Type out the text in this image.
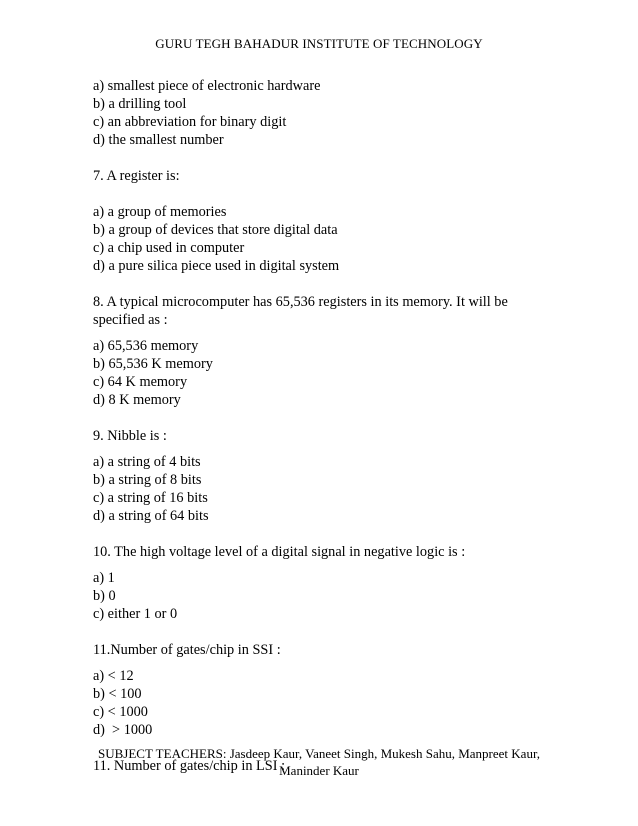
GURU TEGH BAHADUR INSTITUTE OF TECHNOLOGY
a) smallest piece of electronic hardware
b) a drilling tool
c) an abbreviation for binary digit
d) the smallest number
7. A register is:
a) a group of memories
b) a group of devices that store digital data
c) a chip used in computer
d) a pure silica piece used in digital system
8. A typical microcomputer has 65,536 registers in its memory. It will be
specified as :
a) 65,536 memory
b) 65,536 K memory
c) 64 K memory
d) 8 K memory
9. Nibble is :
a) a string of 4 bits
b) a string of 8 bits
c) a string of 16 bits
d) a string of 64 bits
10. The high voltage level of a digital signal in negative logic is :
a) 1
b) 0
c) either 1 or 0
11.Number of gates/chip in SSI :
a) < 12
b) < 100
c) < 1000
d)  > 1000
11. Number of gates/chip in LSI :
SUBJECT TEACHERS: Jasdeep Kaur, Vaneet Singh, Mukesh Sahu, Manpreet Kaur,
Maninder Kaur
